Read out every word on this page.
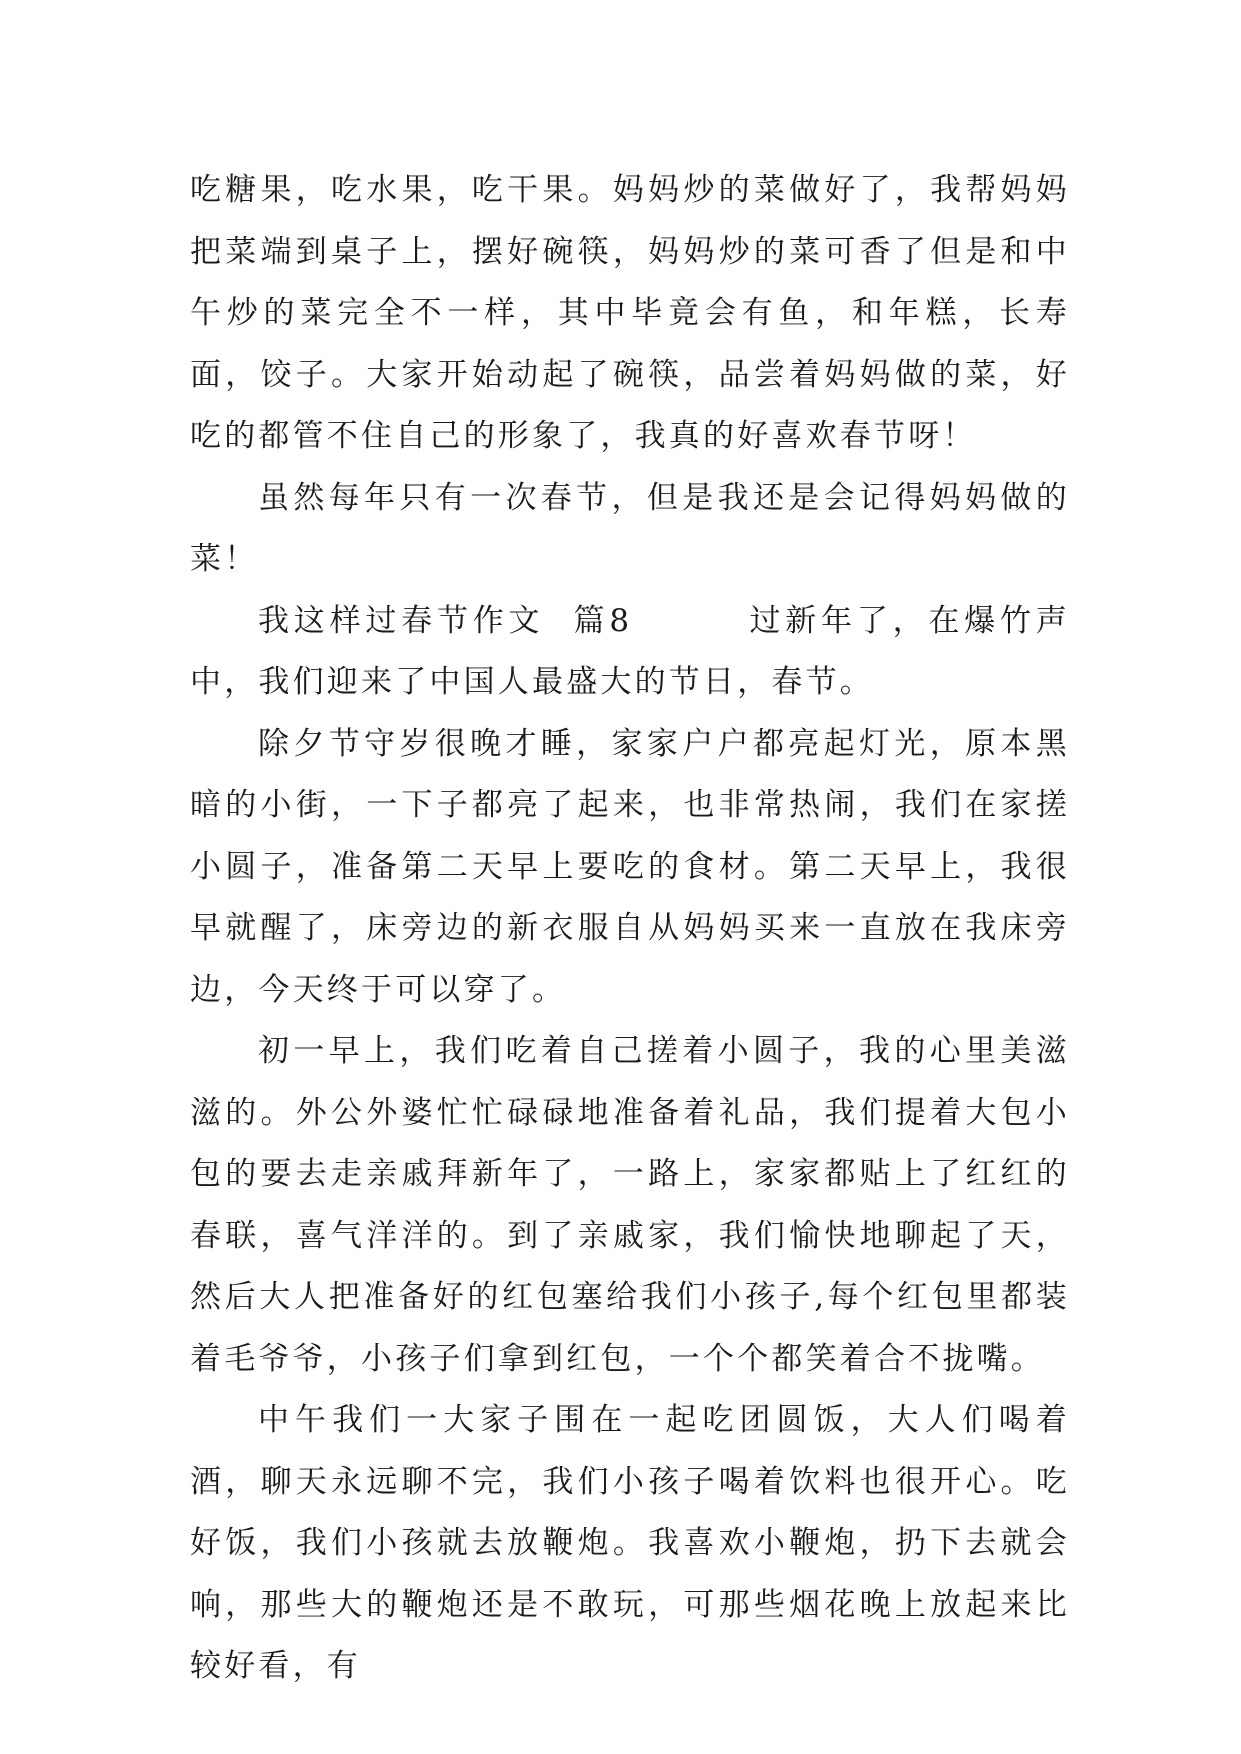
吃糖果，吃水果，吃干果。妈妈炒的菜做好了，我帮妈妈把菜端到桌子上，摆好碗筷，妈妈炒的菜可香了但是和中午炒的菜完全不一样，其中毕竟会有鱼，和年糕，长寿面，饺子。大家开始动起了碗筷，品尝着妈妈做的菜，好吃的都管不住自己的形象了，我真的好喜欢春节呀！

虽然每年只有一次春节，但是我还是会记得妈妈做的菜！

我这样过春节作文  篇8        过新年了，在爆竹声中，我们迎来了中国人最盛大的节日，春节。

除夕节守岁很晚才睡，家家户户都亮起灯光，原本黑暗的小街，一下子都亮了起来，也非常热闹，我们在家搓小圆子，准备第二天早上要吃的食材。第二天早上，我很早就醒了，床旁边的新衣服自从妈妈买来一直放在我床旁边，今天终于可以穿了。

初一早上，我们吃着自己搓着小圆子，我的心里美滋滋的。外公外婆忙忙碌碌地准备着礼品，我们提着大包小包的要去走亲戚拜新年了，一路上，家家都贴上了红红的春联，喜气洋洋的。到了亲戚家，我们愉快地聊起了天，然后大人把准备好的红包塞给我们小孩子,每个红包里都装着毛爷爷，小孩子们拿到红包，一个个都笑着合不拢嘴。

中午我们一大家子围在一起吃团圆饭，大人们喝着酒，聊天永远聊不完，我们小孩子喝着饮料也很开心。吃好饭，我们小孩就去放鞭炮。我喜欢小鞭炮，扔下去就会响，那些大的鞭炮还是不敢玩，可那些烟花晚上放起来比较好看，有
